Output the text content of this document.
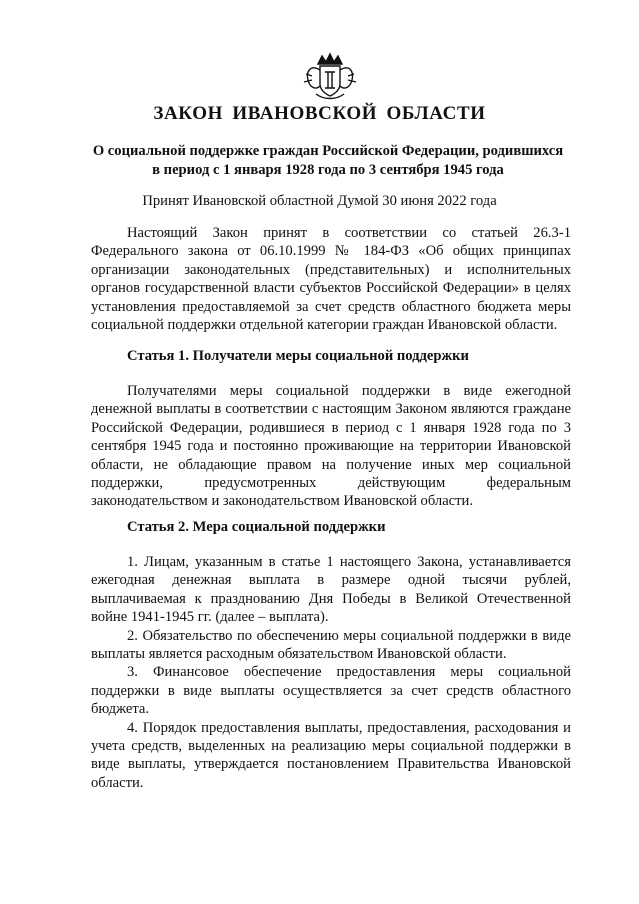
ЗАКОН ИВАНОВСКОЙ ОБЛАСТИ
О социальной поддержке граждан Российской Федерации, родившихся в период с 1 января 1928 года по 3 сентября 1945 года
Принят Ивановской областной Думой 30 июня 2022 года

Настоящий Закон принят в соответствии со статьей 26.3-1 Федерального закона от 06.10.1999 № 184-ФЗ «Об общих принципах организации законодательных (представительных) и исполнительных органов государственной власти субъектов Российской Федерации» в целях установления предоставляемой за счет средств областного бюджета меры социальной поддержки отдельной категории граждан Ивановской области.

Статья 1. Получатели меры социальной поддержки

Получателями меры социальной поддержки в виде ежегодной денежной выплаты в соответствии с настоящим Законом являются граждане Российской Федерации, родившиеся в период с 1 января 1928 года по 3 сентября 1945 года и постоянно проживающие на территории Ивановской области, не обладающие правом на получение иных мер социальной поддержки, предусмотренных действующим федеральным законодательством и законодательством Ивановской области.

Статья 2. Мера социальной поддержки

1. Лицам, указанным в статье 1 настоящего Закона, устанавливается ежегодная денежная выплата в размере одной тысячи рублей, выплачиваемая к празднованию Дня Победы в Великой Отечественной войне 1941-1945 гг. (далее – выплата).

2. Обязательство по обеспечению меры социальной поддержки в виде выплаты является расходным обязательством Ивановской области.

3. Финансовое обеспечение предоставления меры социальной поддержки в виде выплаты осуществляется за счет средств областного бюджета.

4. Порядок предоставления выплаты, предоставления, расходования и учета средств, выделенных на реализацию меры социальной поддержки в виде выплаты, утверждается постановлением Правительства Ивановской области.
